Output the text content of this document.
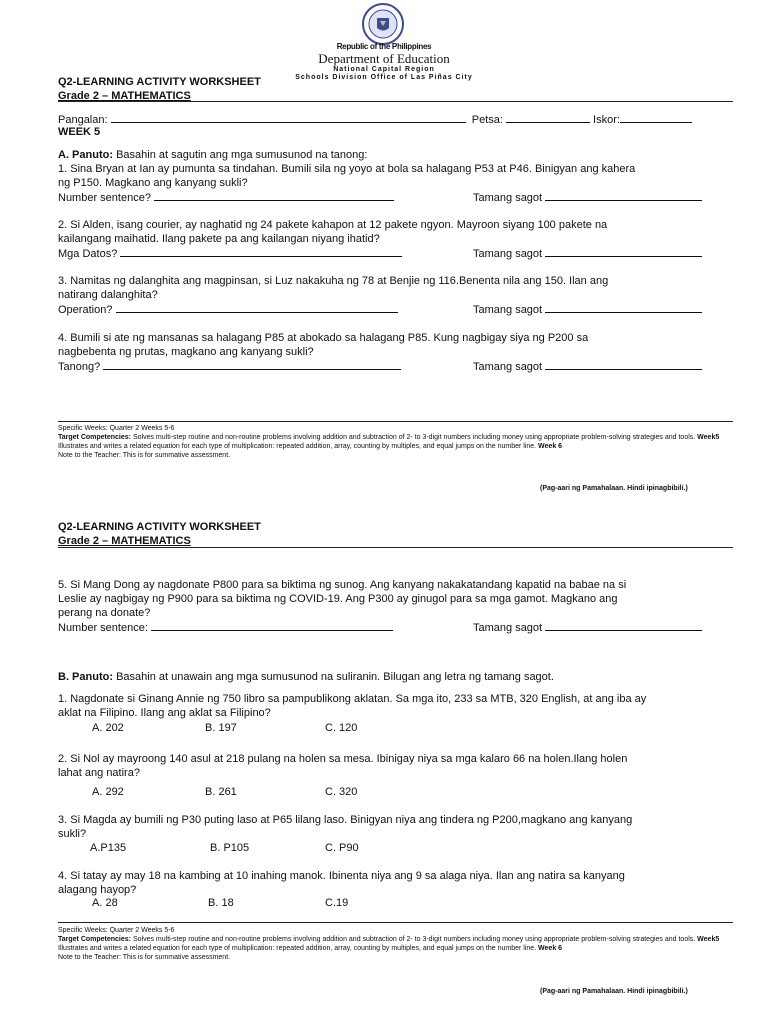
Republic of the Philippines
Department of Education
National Capital Region
Schools Division Office of Las Piñas City
Q2-LEARNING ACTIVITY WORKSHEET
Grade 2 – MATHEMATICS
Pangalan:	Petsa:	Iskor:
WEEK 5
A. Panuto: Basahin at sagutin ang mga sumusunod na tanong:
1. Sina Bryan at Ian ay pumunta sa tindahan. Bumili sila ng yoyo at bola sa halagang P53 at P46. Binigyan ang kahera
ng P150. Magkano ang kanyang sukli?
Number sentence?	Tamang sagot
2. Si Alden, isang courier, ay naghatid ng 24 pakete kahapon at 12 pakete ngyon. Mayroon siyang 100 pakete na
kailangang maihatid. Ilang pakete pa ang kailangan niyang ihatid?
Mga Datos?	Tamang sagot
3. Namitas ng dalanghita ang magpinsan, si Luz nakakuha ng 78 at Benjie ng 116.Benenta nila ang 150. Ilan ang
natirang dalanghita?
Operation?	Tamang sagot
4. Bumili si ate ng mansanas sa halagang P85 at abokado sa halagang P85. Kung nagbigay siya ng P200 sa
nagbebenta ng prutas, magkano ang kanyang sukli?
Tanong?	Tamang sagot
Specific Weeks: Quarter 2 Weeks 5-6
Target Competencies: Solves multi-step routine and non-routine problems involving addition and subtraction of 2- to 3-digit numbers including money using appropriate problem-solving strategies and tools. Week5
Illustrates and writes a related equation for each type of multiplication: repeated addition, array, counting by multiples, and equal jumps on the number line. Week 6
Note to the Teacher: This is for summative assessment.
(Pag-aari ng Pamahalaan. Hindi ipinagbibili.)
Q2-LEARNING ACTIVITY WORKSHEET
Grade 2 – MATHEMATICS
5. Si Mang Dong ay nagdonate P800 para sa biktima ng sunog. Ang kanyang nakakatandang kapatid na babae na si
Leslie ay nagbigay ng P900 para sa biktima ng COVID-19. Ang P300 ay ginugol para sa mga gamot. Magkano ang
perang na donate?
Number sentence:	Tamang sagot
B. Panuto: Basahin at unawain ang mga sumusunod na suliranin. Bilugan ang letra ng tamang sagot.
1. Nagdonate si Ginang Annie ng 750 libro sa pampublikong aklatan. Sa mga ito, 233 sa MTB, 320 English, at ang iba ay
aklat na Filipino. Ilang ang aklat sa Filipino?
A. 202	B. 197	C. 120
2. Si Nol ay mayroong 140 asul at 218 pulang na holen sa mesa. Ibinigay niya sa mga kalaro 66 na holen.Ilang holen
lahat ang natira?
A. 292	B. 261	C. 320
3. Si Magda ay bumili ng P30 puting laso at P65 lilang laso. Binigyan niya ang tindera ng P200,magkano ang kanyang
sukli?
A.P135	B. P105	C. P90
4. Si tatay ay may 18 na kambing at 10 inahing manok. Ibinenta niya ang 9 sa alaga niya. Ilan ang natira sa kanyang
alagang hayop?
A. 28	B. 18	C.19
Specific Weeks: Quarter 2 Weeks 5-6
Target Competencies: Solves multi-step routine and non-routine problems involving addition and subtraction of 2- to 3-digit numbers including money using appropriate problem-solving strategies and tools. Week5
Illustrates and writes a related equation for each type of multiplication: repeated addition, array, counting by multiples, and equal jumps on the number line. Week 6
Note to the Teacher: This is for summative assessment.
(Pag-aari ng Pamahalaan. Hindi ipinagbibili.)
